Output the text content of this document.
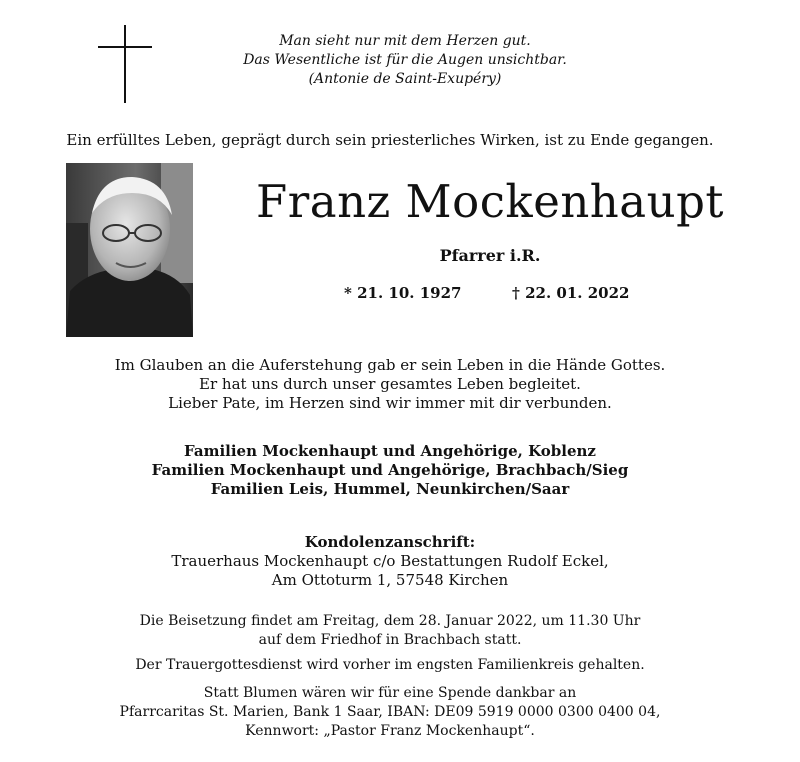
Man sieht nur mit dem Herzen gut.
Das Wesentliche ist für die Augen unsichtbar.
(Antonie de Saint-Exupéry)
Ein erfülltes Leben, geprägt durch sein priesterliches Wirken, ist zu Ende gegangen.
Franz Mockenhaupt
Pfarrer i.R.
* 21. 10. 1927	† 22. 01. 2022
Im Glauben an die Auferstehung gab er sein Leben in die Hände Gottes.
Er hat uns durch unser gesamtes Leben begleitet.
Lieber Pate, im Herzen sind wir immer mit dir verbunden.
Familien Mockenhaupt und Angehörige, Koblenz
Familien Mockenhaupt und Angehörige, Brachbach/Sieg
Familien Leis, Hummel, Neunkirchen/Saar
Kondolenzanschrift:
Trauerhaus Mockenhaupt c/o Bestattungen Rudolf Eckel,
Am Ottoturm 1, 57548 Kirchen
Die Beisetzung findet am Freitag, dem 28. Januar 2022, um 11.30 Uhr
auf dem Friedhof in Brachbach statt.
Der Trauergottesdienst wird vorher im engsten Familienkreis gehalten.
Statt Blumen wären wir für eine Spende dankbar an
Pfarrcaritas St. Marien, Bank 1 Saar, IBAN: DE09 5919 0000 0300 0400 04,
Kennwort: „Pastor Franz Mockenhaupt“.
